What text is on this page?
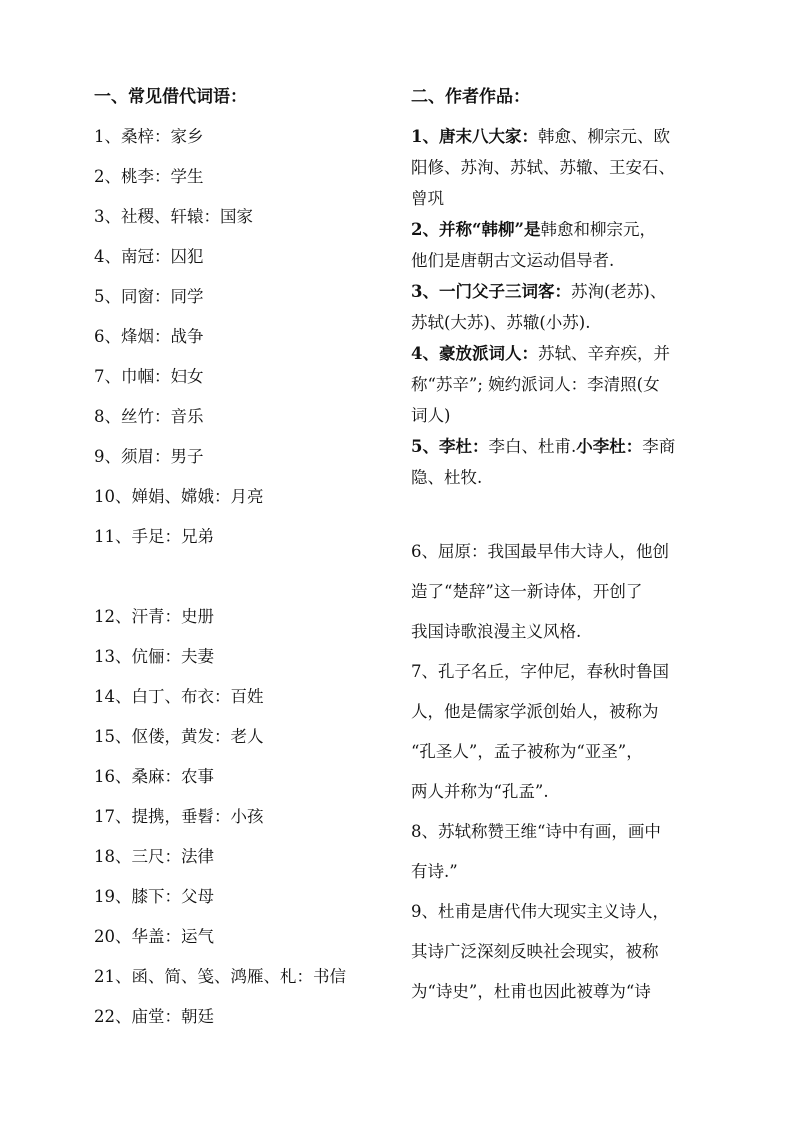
一、常见借代词语：
1、桑梓：家乡
2、桃李：学生
3、社稷、轩辕：国家
4、南冠：囚犯
5、同窗：同学
6、烽烟：战争
7、巾帼：妇女
8、丝竹：音乐
9、须眉：男子
10、婵娟、嫦娥：月亮
11、手足：兄弟
12、汗青：史册
13、伉俪：夫妻
14、白丁、布衣：百姓
15、伛偻，黄发：老人
16、桑麻：农事
17、提携，垂髫：小孩
18、三尺：法律
19、膝下：父母
20、华盖：运气
21、函、简、笺、鸿雁、札：书信
22、庙堂：朝廷
二、作者作品：
1、唐末八大家：韩愈、柳宗元、欧
阳修、苏洵、苏轼、苏辙、王安石、
曾巩
2、并称“韩柳”是韩愈和柳宗元，
他们是唐朝古文运动倡导者.
3、一门父子三词客：苏洵(老苏)、
苏轼(大苏)、苏辙(小苏).
4、豪放派词人：苏轼、辛弃疾，并
称“苏辛”; 婉约派词人：李清照(女
词人)
5、李杜：李白、杜甫.小李杜：李商
隐、杜牧.
6、屈原：我国最早伟大诗人，他创
造了“楚辞”这一新诗体，开创了
我国诗歌浪漫主义风格.
7、孔子名丘，字仲尼，春秋时鲁国
人，他是儒家学派创始人，被称为
“孔圣人”，孟子被称为“亚圣”，
两人并称为“孔孟”.
8、苏轼称赞王维“诗中有画，画中
有诗.”
9、杜甫是唐代伟大现实主义诗人，
其诗广泛深刻反映社会现实，被称
为“诗史”，杜甫也因此被尊为“诗
